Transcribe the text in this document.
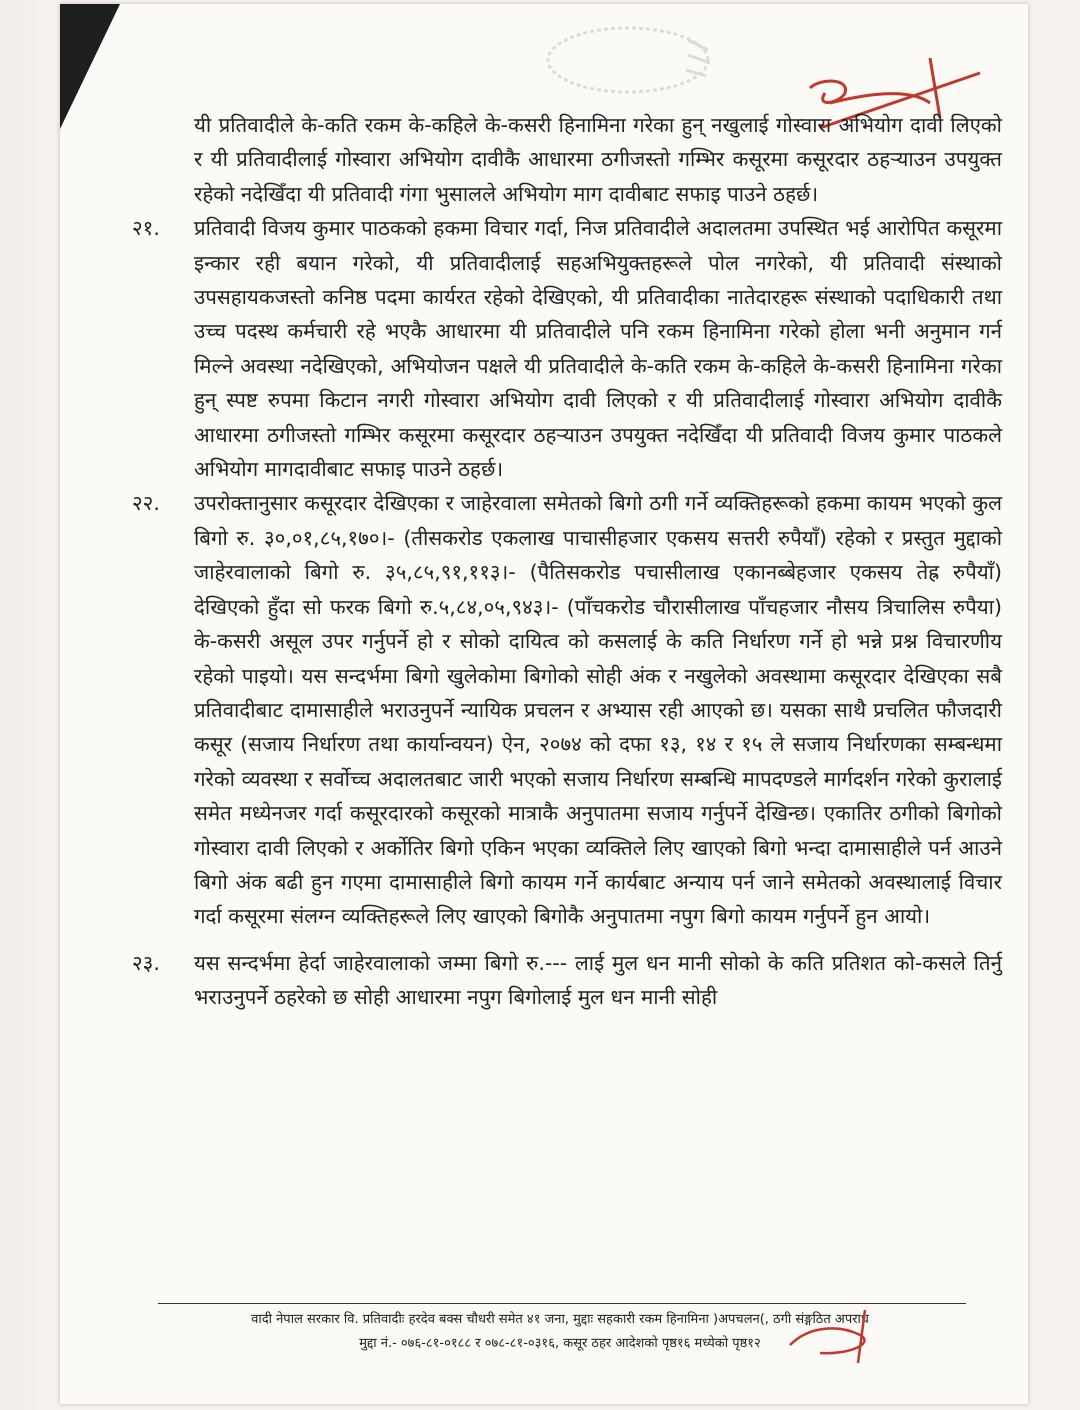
यी प्रतिवादीले के-कति रकम के-कहिले के-कसरी हिनामिना गरेका हुन् नखुलाई गोस्वारा अभियोग दावी लिएको र यी प्रतिवादीलाई गोस्वारा अभियोग दावीकै आधारमा ठगीजस्तो गम्भिर कसूरमा कसूरदार ठहऱ्याउन उपयुक्त रहेको नदेखिँदा यी प्रतिवादी गंगा भुसालले अभियोग माग दावीबाट सफाइ पाउने ठहर्छ।

२१.	प्रतिवादी विजय कुमार पाठकको हकमा विचार गर्दा, निज प्रतिवादीले अदालतमा उपस्थित भई आरोपित कसूरमा इन्कार रही बयान गरेको, यी प्रतिवादीलाई सहअभियुक्तहरूले पोल नगरेको, यी प्रतिवादी संस्थाको उपसहायकजस्तो कनिष्ठ पदमा कार्यरत रहेको देखिएको, यी प्रतिवादीका नातेदारहरू संस्थाको पदाधिकारी तथा उच्च पदस्थ कर्मचारी रहे भएकै आधारमा यी प्रतिवादीले पनि रकम हिनामिना गरेको होला भनी अनुमान गर्न मिल्ने अवस्था नदेखिएको, अभियोजन पक्षले यी प्रतिवादीले के-कति रकम के-कहिले के-कसरी हिनामिना गरेका हुन् स्पष्ट रुपमा किटान नगरी गोस्वारा अभियोग दावी लिएको र यी प्रतिवादीलाई गोस्वारा अभियोग दावीकै आधारमा ठगीजस्तो गम्भिर कसूरमा कसूरदार ठहऱ्याउन उपयुक्त नदेखिँदा यी प्रतिवादी विजय कुमार पाठकले अभियोग मागदावीबाट सफाइ पाउने ठहर्छ।
२२.	उपरोक्तानुसार कसूरदार देखिएका र जाहेरवाला समेतको बिगो ठगी गर्ने व्यक्तिहरूको हकमा कायम भएको कुल बिगो रु. ३०,०१,८५,१७०।- (तीसकरोड एकलाख पाचासीहजार एकसय सत्तरी रुपैयाँ) रहेको र प्रस्तुत मुद्दाको जाहेरवालाको बिगो रु. ३५,८५,९१,११३।- (पैतिसकरोड पचासीलाख एकानब्बेहजार एकसय तेह्र रुपैयाँ) देखिएको हुँदा सो फरक बिगो रु.५,८४,०५,९४३।- (पाँचकरोड चौरासीलाख पाँचहजार नौसय त्रिचालिस रुपैया) के-कसरी असूल उपर गर्नुपर्ने हो र सोको दायित्व को कसलाई के कति निर्धारण गर्ने हो भन्ने प्रश्न विचारणीय रहेको पाइयो। यस सन्दर्भमा बिगो खुलेकोमा बिगोको सोही अंक र नखुलेको अवस्थामा कसूरदार देखिएका सबै प्रतिवादीबाट दामासाहीले भराउनुपर्ने न्यायिक प्रचलन र अभ्यास रही आएको छ। यसका साथै प्रचलित फौजदारी कसूर (सजाय निर्धारण तथा कार्यान्वयन) ऐन, २०७४ को दफा १३, १४ र १५ ले सजाय निर्धारणका सम्बन्धमा गरेको व्यवस्था र सर्वोच्च अदालतबाट जारी भएको सजाय निर्धारण सम्बन्धि मापदण्डले मार्गदर्शन गरेको कुरालाई समेत मध्येनजर गर्दा कसूरदारको कसूरको मात्राकै अनुपातमा सजाय गर्नुपर्ने देखिन्छ। एकातिर ठगीको बिगोको गोस्वारा दावी लिएको र अर्कोतिर बिगो एकिन भएका व्यक्तिले लिए खाएको बिगो भन्दा दामासाहीले पर्न आउने बिगो अंक बढी हुन गएमा दामासाहीले बिगो कायम गर्ने कार्यबाट अन्याय पर्न जाने समेतको अवस्थालाई विचार गर्दा कसूरमा संलग्न व्यक्तिहरूले लिए खाएको बिगोकै अनुपातमा नपुग बिगो कायम गर्नुपर्ने हुन आयो।
२३.	यस सन्दर्भमा हेर्दा जाहेरवालाको जम्मा बिगो रु.--- लाई मुल धन मानी सोको के कति प्रतिशत को-कसले तिर्नु भराउनुपर्ने ठहरेको छ सोही आधारमा नपुग बिगोलाई मुल धन मानी सोही
वादी नेपाल सरकार वि. प्रतिवादीः हरदेव बक्स चौधरी समेत ४१ जना, मुद्दाः सहकारी रकम हिनामिना )अपचलन(, ठगी संङ्गठित अपराध
मुद्दा नं.- ०७६-८१-०१८८ र ०७८-८१-०३१६, कसूर ठहर आदेशको पृष्ठ१६ मध्येको पृष्ठ१२
